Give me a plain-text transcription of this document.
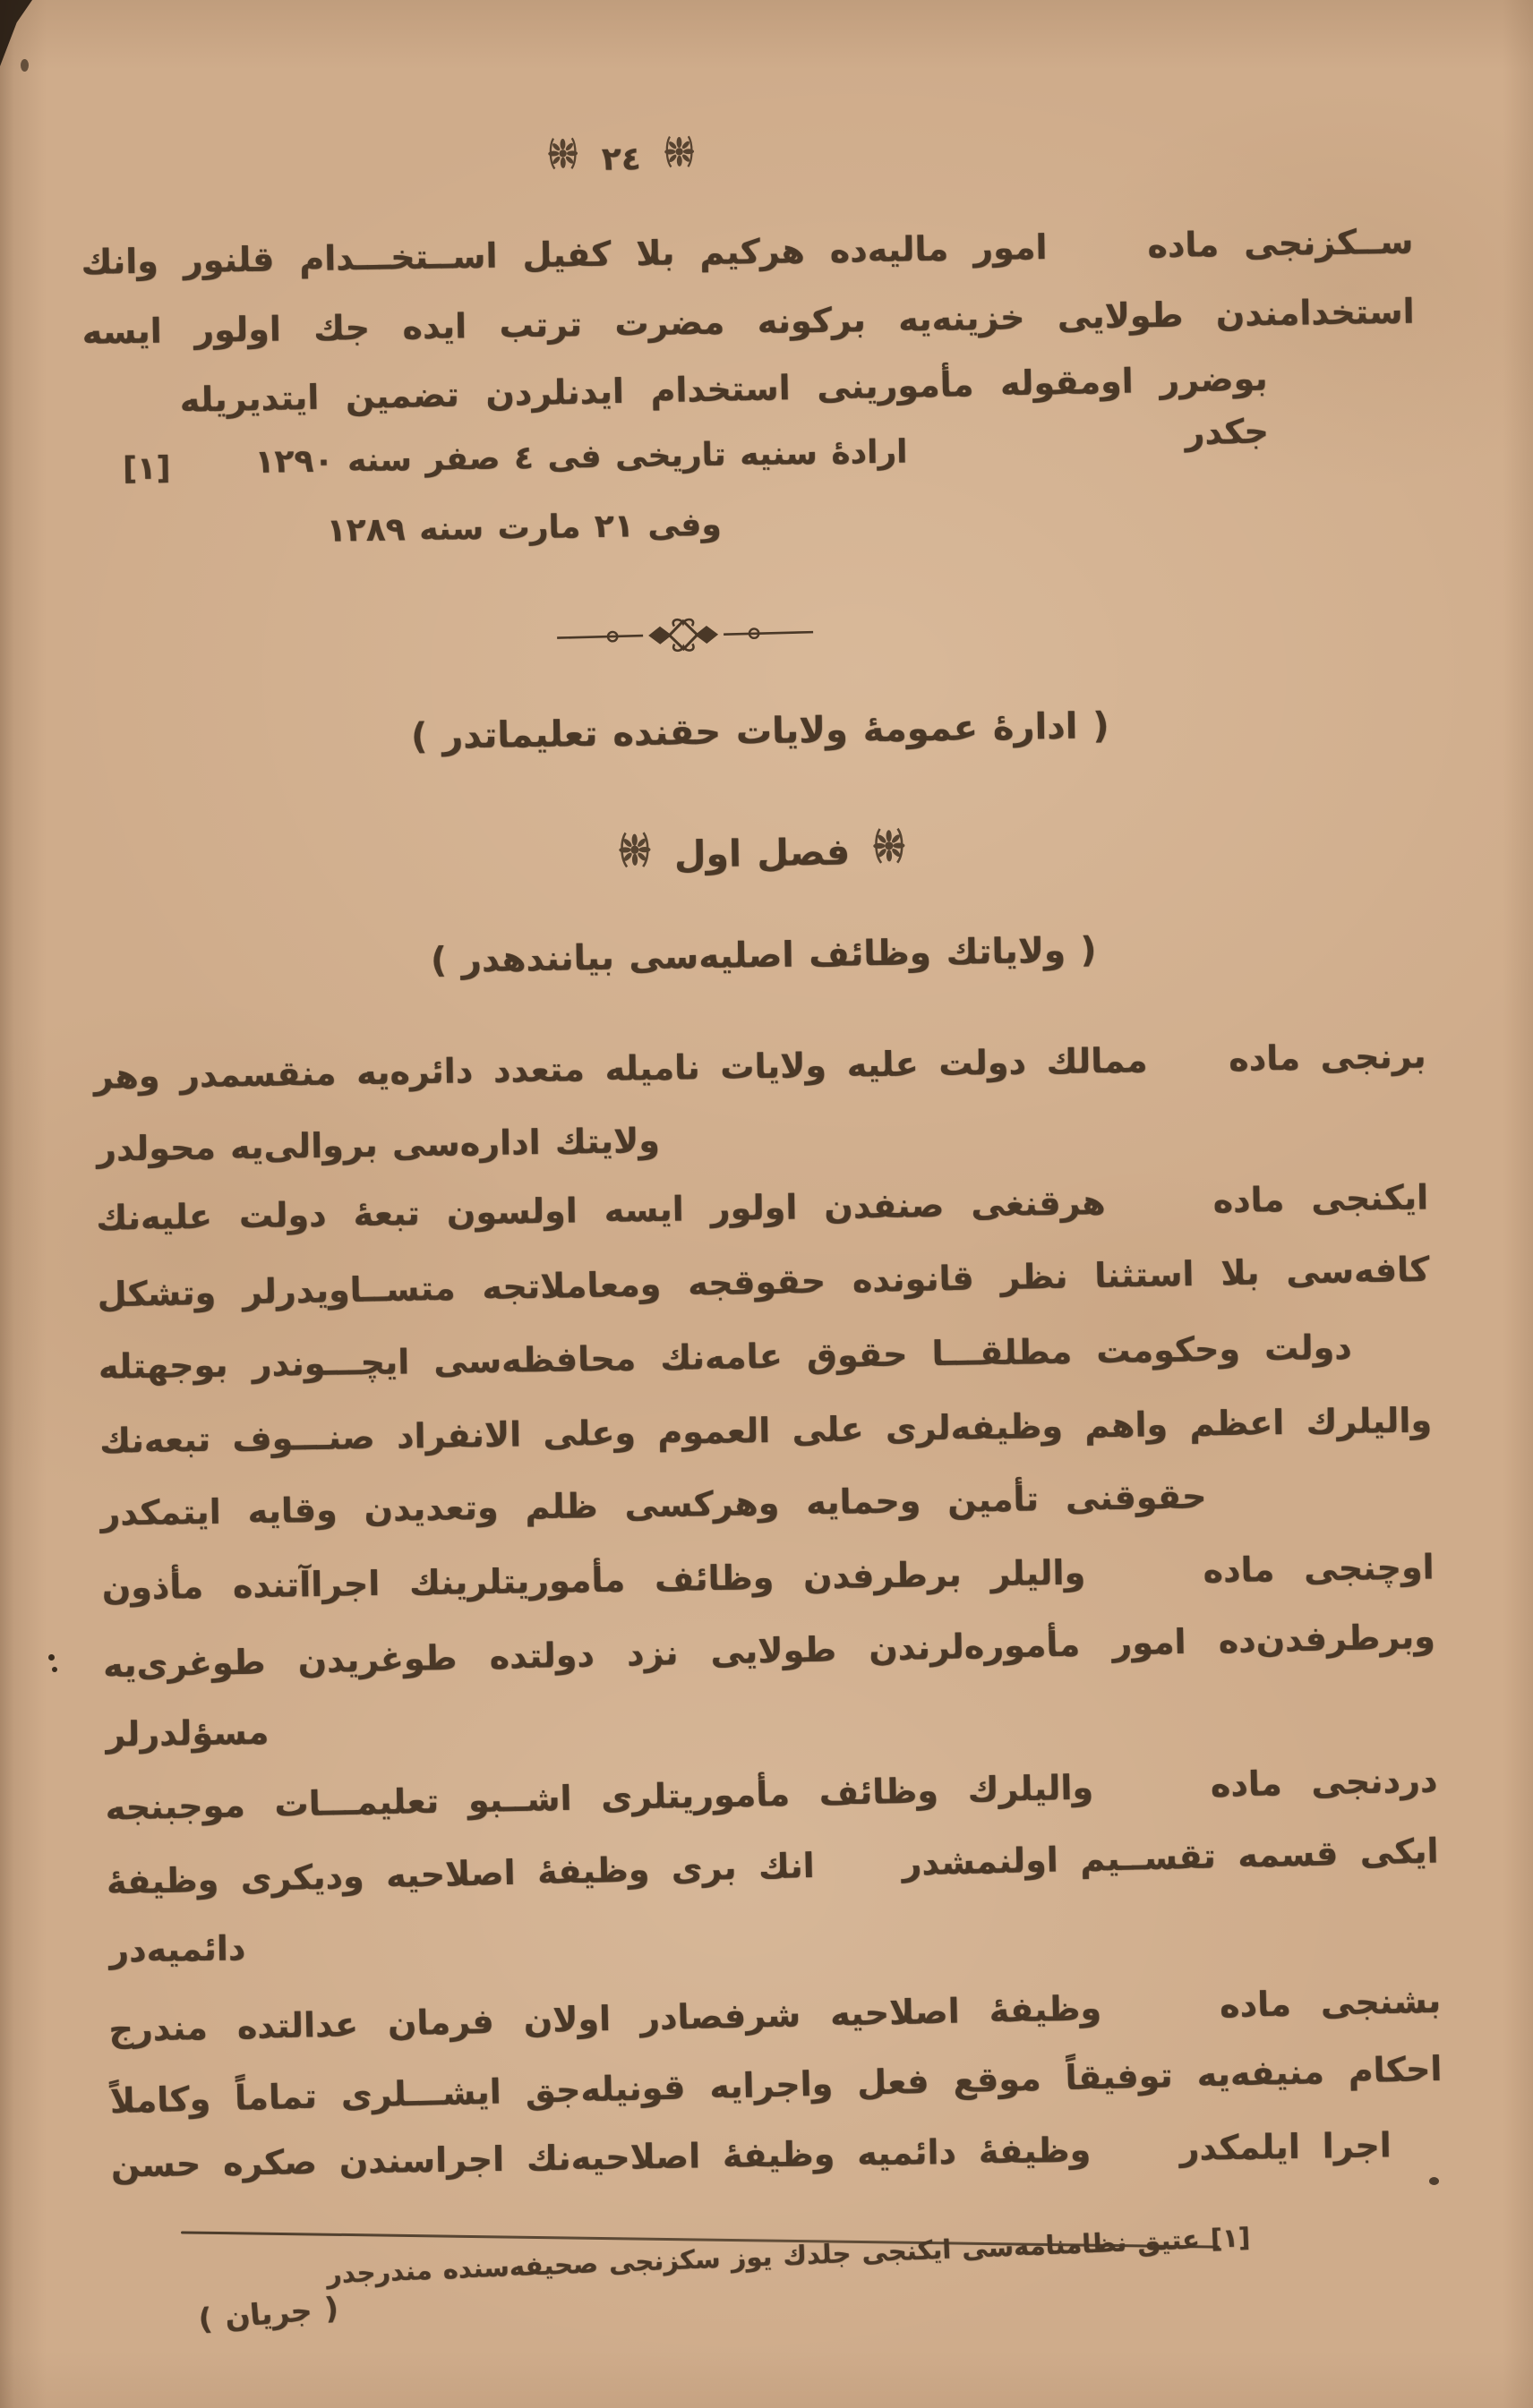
٢٤
ســكزنجى ماده    امور ماليه‌ده هركيم بلا كفيل اســتخـــدام قلنور وانك
استخدامندن طولايى خزينه‌يه بركونه مضرت ترتب ايده جك اولور ايسه
بوضرر اومقوله مأمورينى استخدام ايدنلردن تضمين ايتديريله جكدر
[١]	ارادهٔ سنيه تاريخى فى ٤ صفر سنه ١٢٩٠
وفى ٢١ مارت سنه ١٢٨٩
( ادارهٔ عمومهٔ ولايات حقنده تعليماتدر )
فصل اول
( ولاياتك وظائف اصليه‌سى بيانندهدر )
برنجى ماده    ممالك دولت عليه ولايات ناميله متعدد دائره‌يه منقسمدر وهر
ولايتك اداره‌سى بروالى‌يه محولدر
ايكنجى ماده    هرقنغى صنفدن اولور ايسه اولسون تبعهٔ دولت عليه‌نك
كافه‌سى بلا استثنا نظر قانونده حقوقجه ومعاملاتجه متســاويدرلر وتشكل
دولت وحكومت مطلقـــا حقوق عامه‌نك محافظه‌سى ايچـــوندر بوجهتله
واليلرك اعظم واهم وظيفه‌لرى على العموم وعلى الانفراد صنـــوف تبعه‌نك
حقوقنى تأمين وحمايه وهركسى ظلم وتعديدن وقايه ايتمكدر
اوچنجى ماده    واليلر برطرفدن وظائف مأموريتلرينك اجراآتنده مأذون
وبرطرفدن‌ده امور مأموره‌لرندن طولايى نزد دولتده طوغريدن طوغرى‌يه
مسؤلدرلر
دردنجى ماده    واليلرك وظائف مأموريتلرى اشــبو تعليمـــات موجبنجه
ايكى قسمه تقســيم اولنمشدر    انك برى وظيفهٔ اصلاحيه وديكرى وظيفهٔ
دائميه‌در
بشنجى ماده    وظيفهٔ اصلاحيه شرفصادر اولان فرمان عدالتده مندرج
احكام منيفه‌يه توفيقاً موقع فعل واجرايه قونيله‌جق ايشـــلرى تماماً وكاملاً
اجرا ايلمكدر    وظيفهٔ دائميه وظيفهٔ اصلاحيه‌نك اجراسندن صكره حسن
[١] عتيق نظامنامه‌سى ايكنجى جلدك يوز سكزنجى صحيفه‌سنده مندرجدر
( جريان )
